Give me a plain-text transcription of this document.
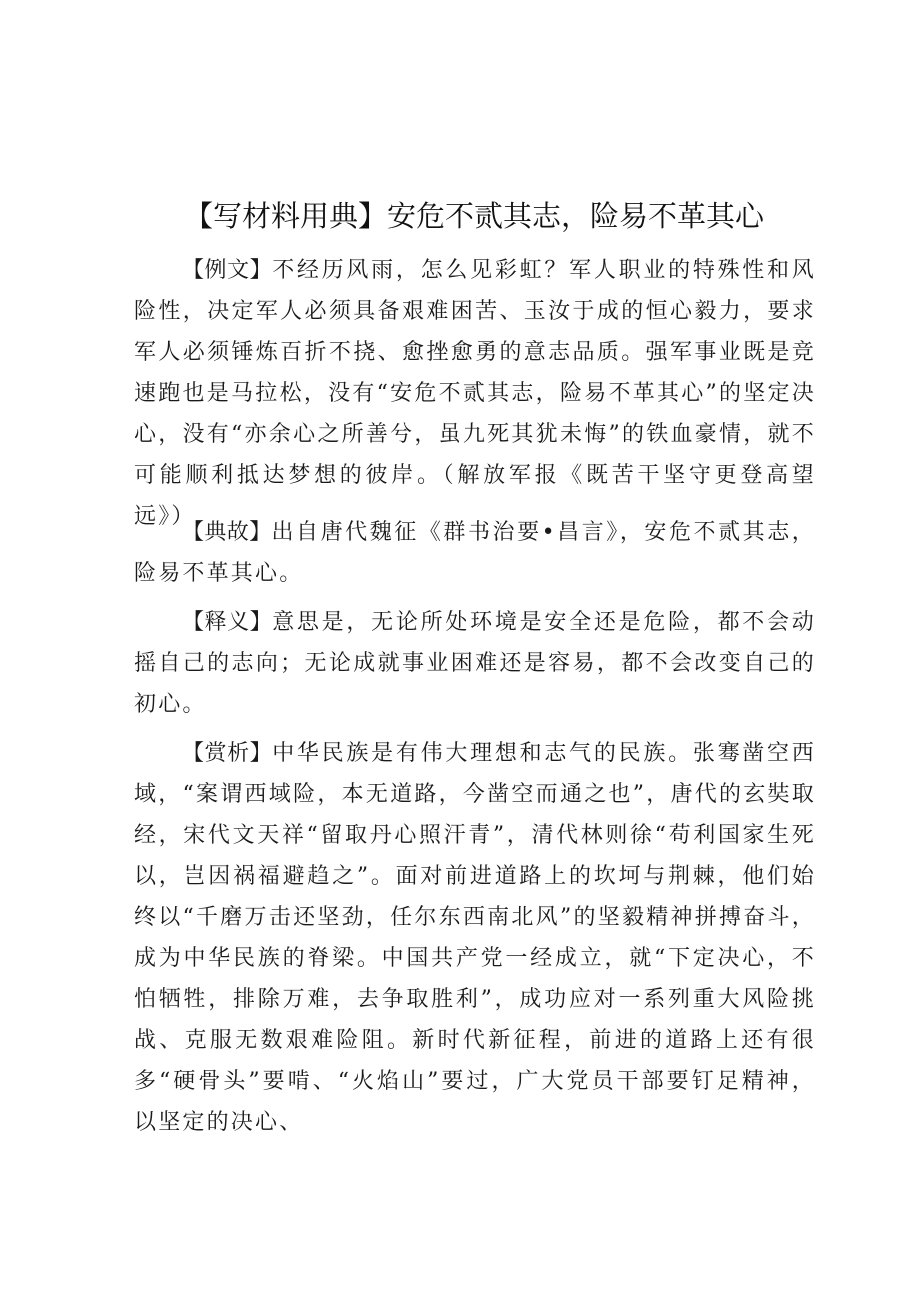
【写材料用典】安危不贰其志，险易不革其心

【例文】不经历风雨，怎么见彩虹？军人职业的特殊性和风险性，决定军人必须具备艰难困苦、玉汝于成的恒心毅力，要求军人必须锤炼百折不挠、愈挫愈勇的意志品质。强军事业既是竞速跑也是马拉松，没有“安危不贰其志，险易不革其心”的坚定决心，没有“亦余心之所善兮，虽九死其犹未悔”的铁血豪情，就不可能顺利抵达梦想的彼岸。（解放军报《既苦干坚守更登高望远》）

【典故】出自唐代魏征《群书治要•昌言》，安危不贰其志，险易不革其心。

【释义】意思是，无论所处环境是安全还是危险，都不会动摇自己的志向；无论成就事业困难还是容易，都不会改变自己的初心。

【赏析】中华民族是有伟大理想和志气的民族。张骞凿空西域，“案谓西域险，本无道路，今凿空而通之也”，唐代的玄奘取经，宋代文天祥“留取丹心照汗青”，清代林则徐“苟利国家生死以，岂因祸福避趋之”。面对前进道路上的坎坷与荆棘，他们始终以“千磨万击还坚劲，任尔东西南北风”的坚毅精神拼搏奋斗，成为中华民族的脊梁。中国共产党一经成立，就“下定决心，不怕牺牲，排除万难，去争取胜利”，成功应对一系列重大风险挑战、克服无数艰难险阻。新时代新征程，前进的道路上还有很多“硬骨头”要啃、“火焰山”要过，广大党员干部要钉足精神，以坚定的决心、
